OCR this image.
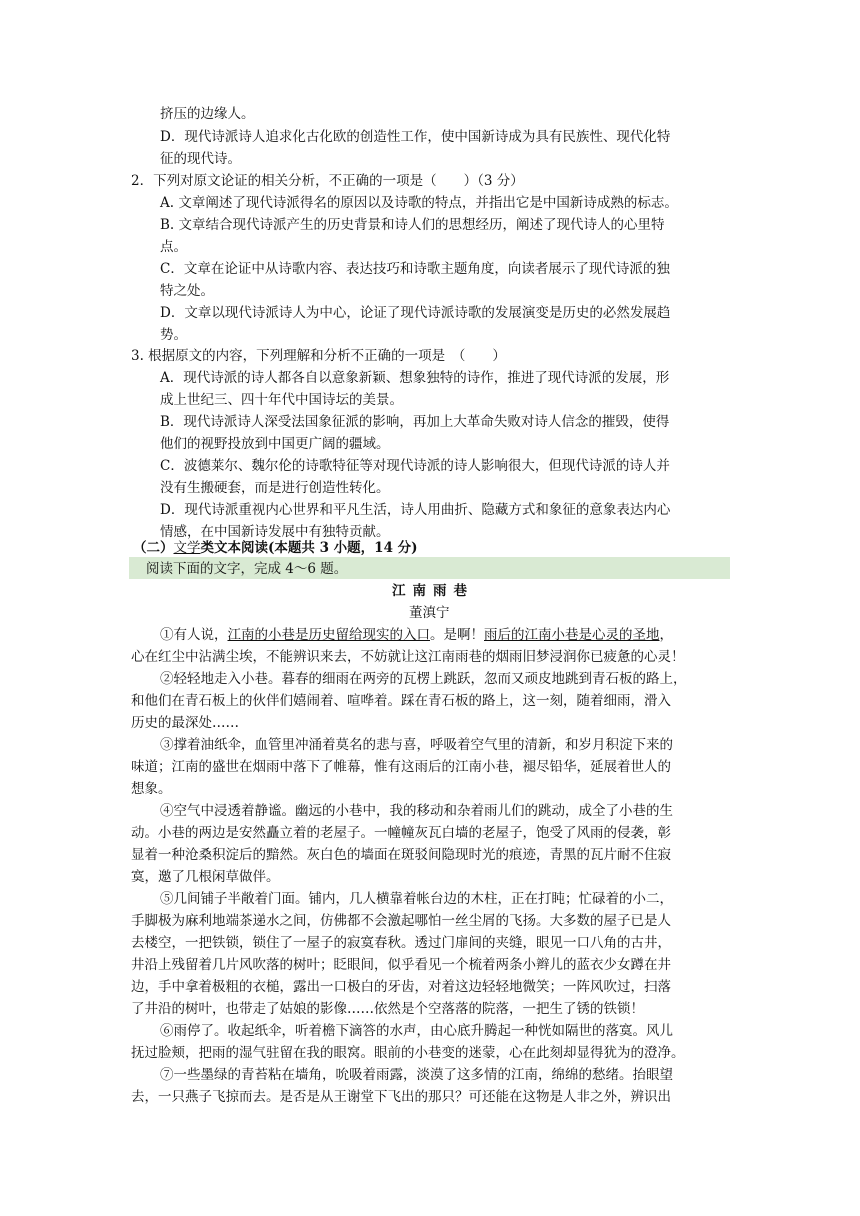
挤压的边缘人。
D．现代诗派诗人追求化古化欧的创造性工作，使中国新诗成为具有民族性、现代化特
征的现代诗。
2．下列对原文论证的相关分析，不正确的一项是（　　）（3 分）
A. 文章阐述了现代诗派得名的原因以及诗歌的特点，并指出它是中国新诗成熟的标志。
B. 文章结合现代诗派产生的历史背景和诗人们的思想经历，阐述了现代诗人的心里特
点。
C．文章在论证中从诗歌内容、表达技巧和诗歌主题角度，向读者展示了现代诗派的独
特之处。
D．文章以现代诗派诗人为中心，论证了现代诗派诗歌的发展演变是历史的必然发展趋
势。
3. 根据原文的内容，下列理解和分析不正确的一项是　（　　）
A．现代诗派的诗人都各自以意象新颖、想象独特的诗作，推进了现代诗派的发展，形
成上世纪三、四十年代中国诗坛的美景。
B．现代诗派诗人深受法国象征派的影响，再加上大革命失败对诗人信念的摧毁，使得
他们的视野投放到中国更广阔的疆域。
C．波德莱尔、魏尔伦的诗歌特征等对现代诗派的诗人影响很大，但现代诗派的诗人并
没有生搬硬套，而是进行创造性转化。
D．现代诗派重视内心世界和平凡生活，诗人用曲折、隐藏方式和象征的意象表达内心
情感，在中国新诗发展中有独特贡献。
（二）文学类文本阅读(本题共 3 小题，14 分)
阅读下面的文字，完成 4～6 题。
江南雨巷
董滇宁
①有人说，江南的小巷是历史留给现实的入口。是啊！雨后的江南小巷是心灵的圣地，
心在红尘中沾满尘埃，不能辨识来去，不妨就让这江南雨巷的烟雨旧梦浸润你已疲惫的心灵！
②轻轻地走入小巷。暮春的细雨在两旁的瓦楞上跳跃，忽而又顽皮地跳到青石板的路上，
和他们在青石板上的伙伴们嬉闹着、喧哗着。踩在青石板的路上，这一刻，随着细雨，滑入
历史的最深处……
③撑着油纸伞，血管里冲涌着莫名的悲与喜，呼吸着空气里的清新，和岁月积淀下来的
味道；江南的盛世在烟雨中落下了帷幕，惟有这雨后的江南小巷，褪尽铅华，延展着世人的
想象。
④空气中浸透着静谧。幽远的小巷中，我的移动和杂着雨儿们的跳动，成全了小巷的生
动。小巷的两边是安然矗立着的老屋子。一幢幢灰瓦白墙的老屋子，饱受了风雨的侵袭，彰
显着一种沧桑积淀后的黯然。灰白色的墙面在斑驳间隐现时光的痕迹，青黑的瓦片耐不住寂
寞，邀了几根闲草做伴。
⑤几间铺子半敞着门面。铺内，几人横靠着帐台边的木柱，正在打盹；忙碌着的小二，
手脚极为麻利地端茶递水之间，仿佛都不会激起哪怕一丝尘屑的飞扬。大多数的屋子已是人
去楼空，一把铁锁，锁住了一屋子的寂寞春秋。透过门扉间的夹缝，眼见一口八角的古井，
井沿上残留着几片风吹落的树叶；眨眼间，似乎看见一个梳着两条小辫儿的蓝衣少女蹲在井
边，手中拿着极粗的衣槌，露出一口极白的牙齿，对着这边轻轻地微笑；一阵风吹过，扫落
了井沿的树叶，也带走了姑娘的影像……依然是个空落落的院落，一把生了锈的铁锁！
⑥雨停了。收起纸伞，听着檐下滴答的水声，由心底升腾起一种恍如隔世的落寞。风儿
抚过脸颊，把雨的湿气驻留在我的眼窝。眼前的小巷变的迷蒙，心在此刻却显得犹为的澄净。
⑦一些墨绿的青苔粘在墙角，吮吸着雨露，淡漠了这多情的江南，绵绵的愁绪。抬眼望
去，一只燕子飞掠而去。是否是从王谢堂下飞出的那只？可还能在这物是人非之外，辨识出
